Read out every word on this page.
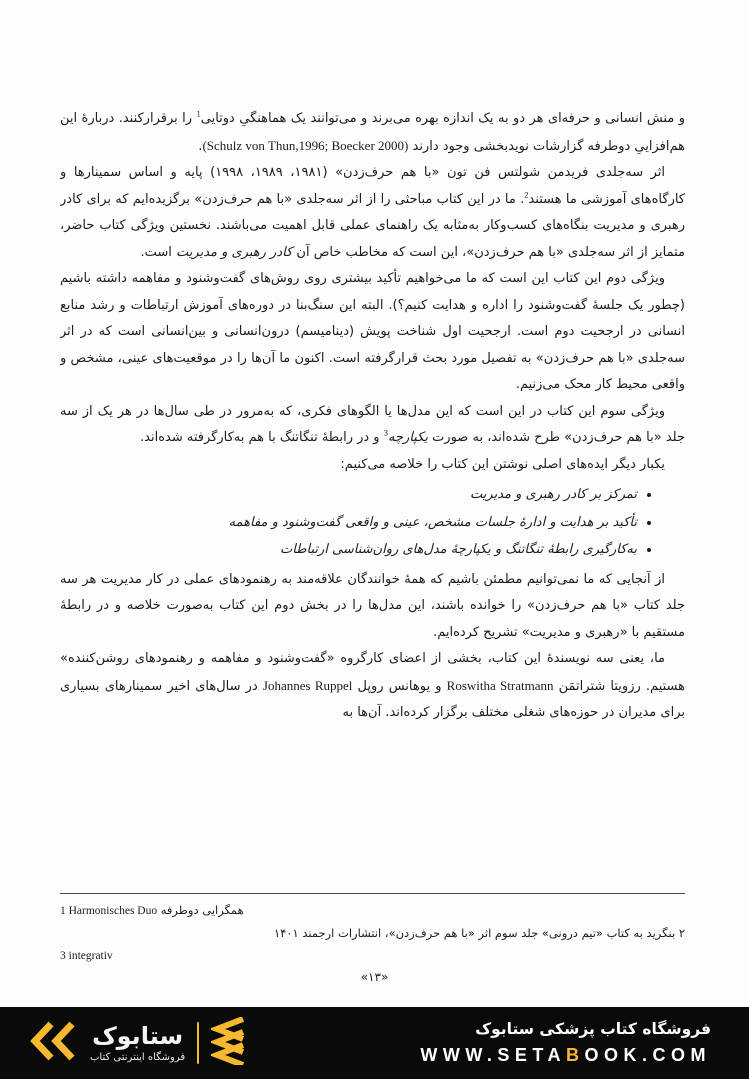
و منش انسانی و حرفه‌ای هر دو به یک اندازه بهره می‌برند و می‌توانند یک هماهنگیِ دوتایی$^1$ را برقرارکنند. دربارهٔ این هم‌افزاییِ دوطرفه گزارشات نویدبخشی وجود دارند (Schulz von Thun,1996; Boecker 2000).

اثر سه‌جلدی فریدمن شولتس فن تون «با هم حرف‌زدن» (۱۹۸۱، ۱۹۸۹، ۱۹۹۸) پایه و اساس سمینارها و کارگاه‌های آموزشی ما هستند$^2$. ما در این کتاب مباحثی را از اثر سه‌جلدی «با هم حرف‌زدن» برگزیده‌ایم که برای کادر رهبری و مدیریت بنگاه‌های کسب‌وکار به‌مثابه یک راهنمای عملی قابل اهمیت می‌باشند. نخستین ویژگی کتاب حاضر، متمایز از اثر سه‌جلدی «با هم حرف‌زدن»، این است که مخاطب خاص آن کادر رهبری و مدیریت است.

ویژگی دوم این کتاب این است که ما می‌خواهیم تأکید بیشتری روی روش‌های گفت‌وشنود و مفاهمه داشته باشیم (چطور یک جلسهٔ گفت‌وشنود را اداره و هدایت کنیم؟). البته این سنگ‌بنا در دوره‌های آموزش ارتباطات و رشد منابع انسانی در ارجحیت دوم است. ارجحیت اول شناخت پویش (دینامیسم) درون‌انسانی و بین‌انسانی است که در اثر سه‌جلدی «با هم حرف‌زدن» به تفصیل مورد بحث قرارگرفته است. اکنون ما آن‌ها را در موقعیت‌های عینی، مشخص و واقعی محیط کار محک می‌زنیم.

ویژگی سوم این کتاب در این است که این مدل‌ها یا الگوهای فکری، که به‌مرور در طی سال‌ها در هر یک از سه جلد «با هم حرف‌زدن» طرح شده‌اند، به صورت یکپارچه$^3$ و در رابطهٔ تنگاتنگ با هم به‌کارگرفته شده‌اند.

یکبار دیگر ایده‌های اصلی نوشتن این کتاب را خلاصه می‌کنیم:

• تمرکز بر کادر رهبری و مدیریت
• تأکید بر هدایت و ادارهٔ جلسات مشخص، عینی و واقعی گفت‌وشنود و مفاهمه
• به‌کارگیری رابطهٔ تنگاتنگ و یکپارچهٔ مدل‌های روان‌شناسی ارتباطات

از آنجایی که ما نمی‌توانیم مطمئن باشیم که همهٔ خوانندگان علاقه‌مند به رهنمودهای عملی در کار مدیریت هر سه جلد کتاب «با هم حرف‌زدن» را خوانده باشند، این مدل‌ها را در بخش دوم این کتاب به‌صورت خلاصه و در رابطهٔ مستقیم با «رهبری و مدیریت» تشریح کرده‌ایم.

ما، یعنی سه نویسندهٔ این کتاب، بخشی از اعضای کارگروه «گفت‌وشنود و مفاهمه و رهنمودهای روشن‌کننده» هستیم. رزویتا شتراتمَن Roswitha Stratmann و یوهانس روپل Johannes Ruppel در سال‌های اخیر سمینارهای بسیاری برای مدیران در حوزه‌های شغلی مختلف برگزار کرده‌اند. آن‌ها به

1 Harmonisches Duo همگرایی دوطرفه

۲ بنگرید به کتاب «تیم درونی» جلد سوم اثر «با هم حرف‌زدن»، انتشارات ارجمند ۱۴۰۱

3 integrativ

«۱۳»
ستابوک
فروشگاه اینترنتی کتاب
فروشگاه کتاب پزشکی ستابوک
WWW.SETABOOK.COM
